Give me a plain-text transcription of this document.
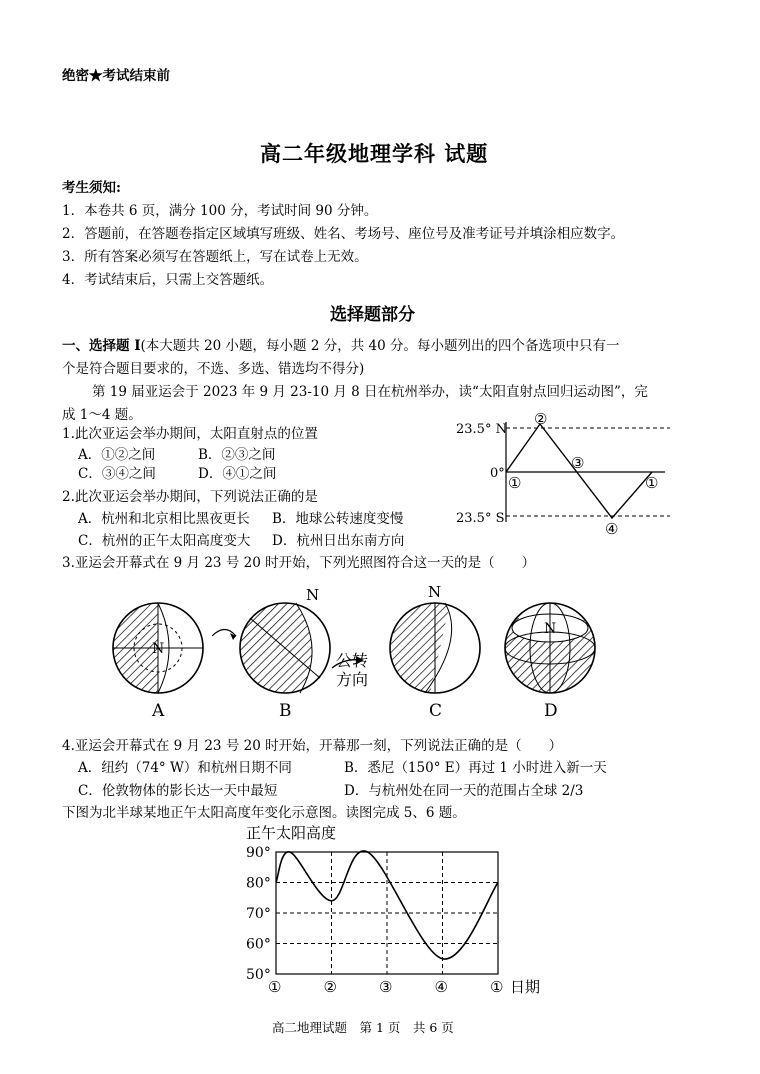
绝密★考试结束前
高二年级地理学科 试题
考生须知:
1．本卷共 6 页，满分 100 分，考试时间 90 分钟。
2．答题前，在答题卷指定区域填写班级、姓名、考场号、座位号及准考证号并填涂相应数字。
3．所有答案必须写在答题纸上，写在试卷上无效。
4．考试结束后，只需上交答题纸。
选择题部分
一、选择题 I(本大题共 20 小题，每小题 2 分，共 40 分。每小题列出的四个备选项中只有一
个是符合题目要求的，不选、多选、错选均不得分)
第 19 届亚运会于 2023 年 9 月 23-10 月 8 日在杭州举办，读“太阳直射点回归运动图”，完
成 1～4 题。
1.此次亚运会举办期间，太阳直射点的位置
A．①②之间	B．②③之间
C．③④之间	D．④①之间
2.此次亚运会举办期间，下列说法正确的是
A．杭州和北京相比黑夜更长 B．地球公转速度变慢
C．杭州的正午太阳高度变大 D．杭州日出东南方向
23.5° N
0°
23.5° S
②
①
③
④
①
3.亚运会开幕式在 9 月 23 号 20 时开始，下列光照图符合这一天的是（　　）
N
N
公转
方向
N
N
A	B	C	D
4.亚运会开幕式在 9 月 23 号 20 时开始，开幕那一刻，下列说法正确的是（　　）
A．纽约（74° W）和杭州日期不同	B．悉尼（150° E）再过 1 小时进入新一天
C．伦敦物体的影长达一天中最短	D．与杭州处在同一天的范围占全球 2/3
下图为北半球某地正午太阳高度年变化示意图。读图完成 5、6 题。
正午太阳高度
90°
80°
70°
60°
50°
①	②	③	④	① 日期
高二地理试题　第 1 页　共 6 页
